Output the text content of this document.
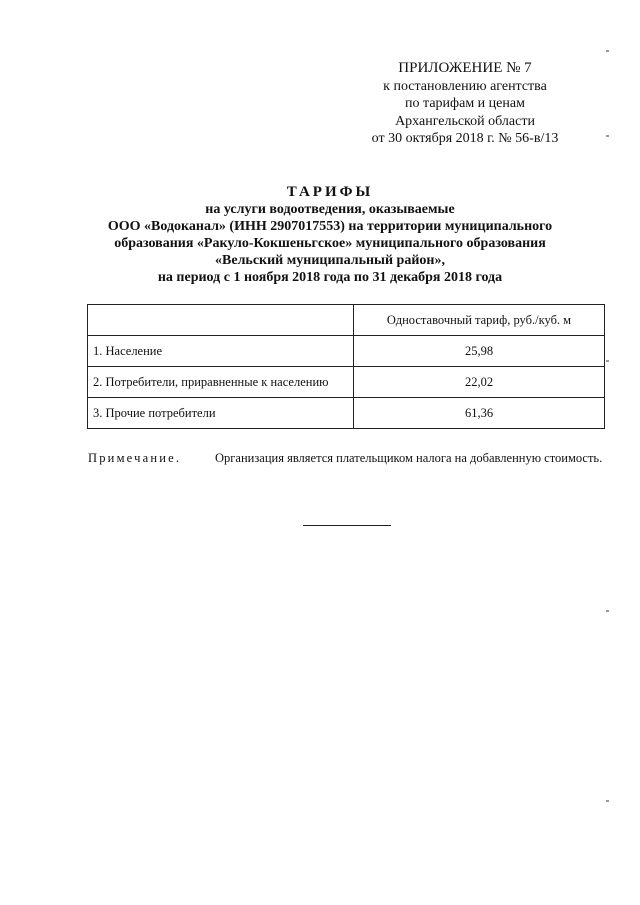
ПРИЛОЖЕНИЕ № 7
к постановлению агентства
по тарифам и ценам
Архангельской области
от 30 октября 2018 г. № 56-в/13
ТАРИФЫ
на услуги водоотведения, оказываемые
ООО «Водоканал» (ИНН 2907017553) на территории муниципального
образования «Ракуло-Кокшеньгское» муниципального образования
«Вельский муниципальный район»,
на период с 1 ноября 2018 года по 31 декабря 2018 года
	Одноставочный тариф, руб./куб. м
1. Население	25,98
2. Потребители, приравненные к населению	22,02
3. Прочие потребители	61,36
Примечание.	Организация является плательщиком налога на добавленную стоимость.
